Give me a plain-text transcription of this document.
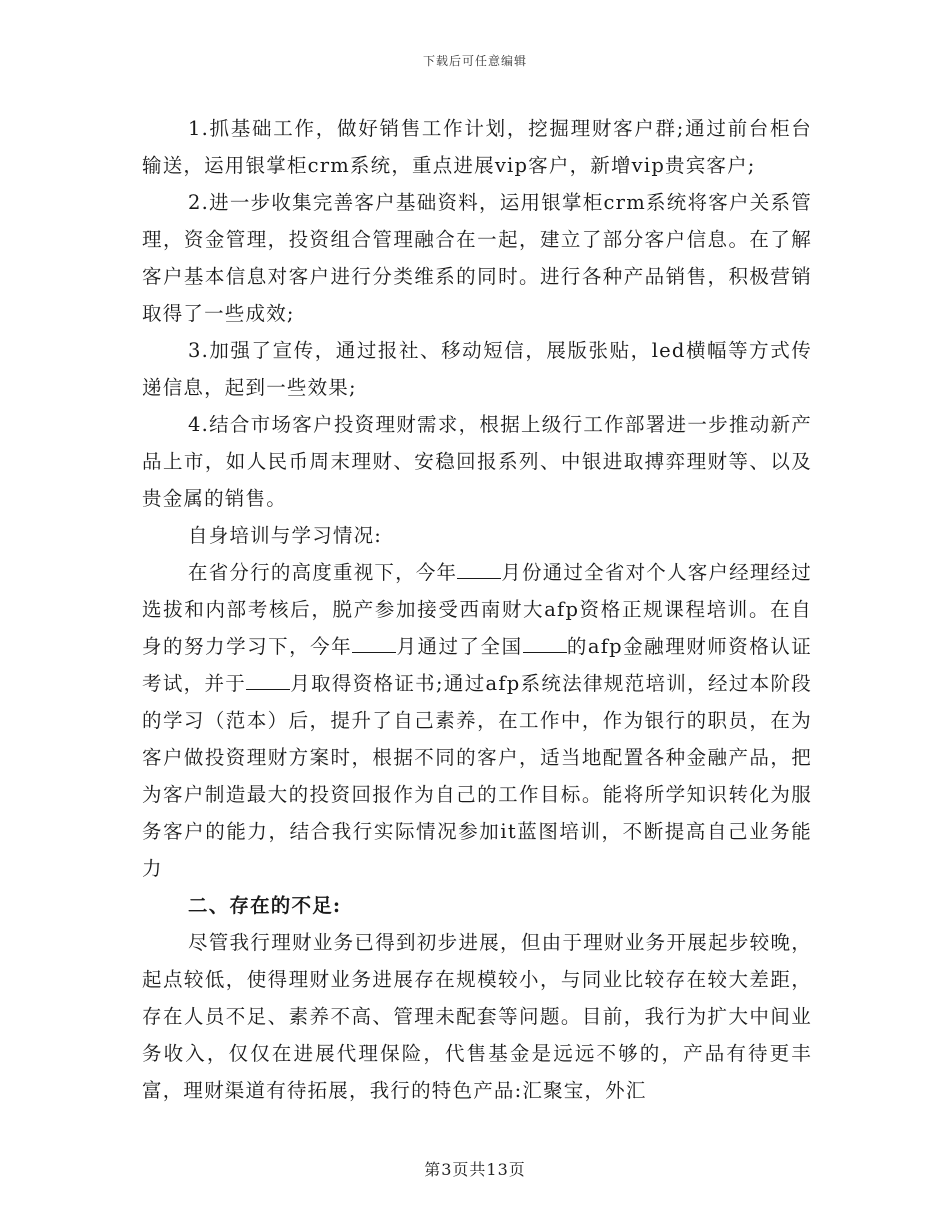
下载后可任意编辑

1.抓基础工作，做好销售工作计划，挖掘理财客户群;通过前台柜台输送，运用银掌柜crm系统，重点进展vip客户，新增vip贵宾客户;

2.进一步收集完善客户基础资料，运用银掌柜crm系统将客户关系管理，资金管理，投资组合管理融合在一起，建立了部分客户信息。在了解客户基本信息对客户进行分类维系的同时。进行各种产品销售，积极营销取得了一些成效;

3.加强了宣传，通过报社、移动短信，展版张贴，led横幅等方式传递信息，起到一些效果;

4.结合市场客户投资理财需求，根据上级行工作部署进一步推动新产品上市，如人民币周末理财、安稳回报系列、中银进取搏弈理财等、以及贵金属的销售。

自身培训与学习情况:

在省分行的高度重视下，今年 月份通过全省对个人客户经理经过选拔和内部考核后，脱产参加接受西南财大afp资格正规课程培训。在自身的努力学习下，今年 月通过了全国 的afp金融理财师资格认证考试，并于 月取得资格证书;通过afp系统法律规范培训，经过本阶段的学习（范本）后，提升了自己素养，在工作中，作为银行的职员，在为客户做投资理财方案时，根据不同的客户，适当地配置各种金融产品，把为客户制造最大的投资回报作为自己的工作目标。能将所学知识转化为服务客户的能力，结合我行实际情况参加it蓝图培训，不断提高自己业务能力

二、存在的不足:

尽管我行理财业务已得到初步进展，但由于理财业务开展起步较晚，起点较低，使得理财业务进展存在规模较小，与同业比较存在较大差距，存在人员不足、素养不高、管理未配套等问题。目前，我行为扩大中间业务收入，仅仅在进展代理保险，代售基金是远远不够的，产品有待更丰富，理财渠道有待拓展，我行的特色产品:汇聚宝，外汇

第3页共13页
